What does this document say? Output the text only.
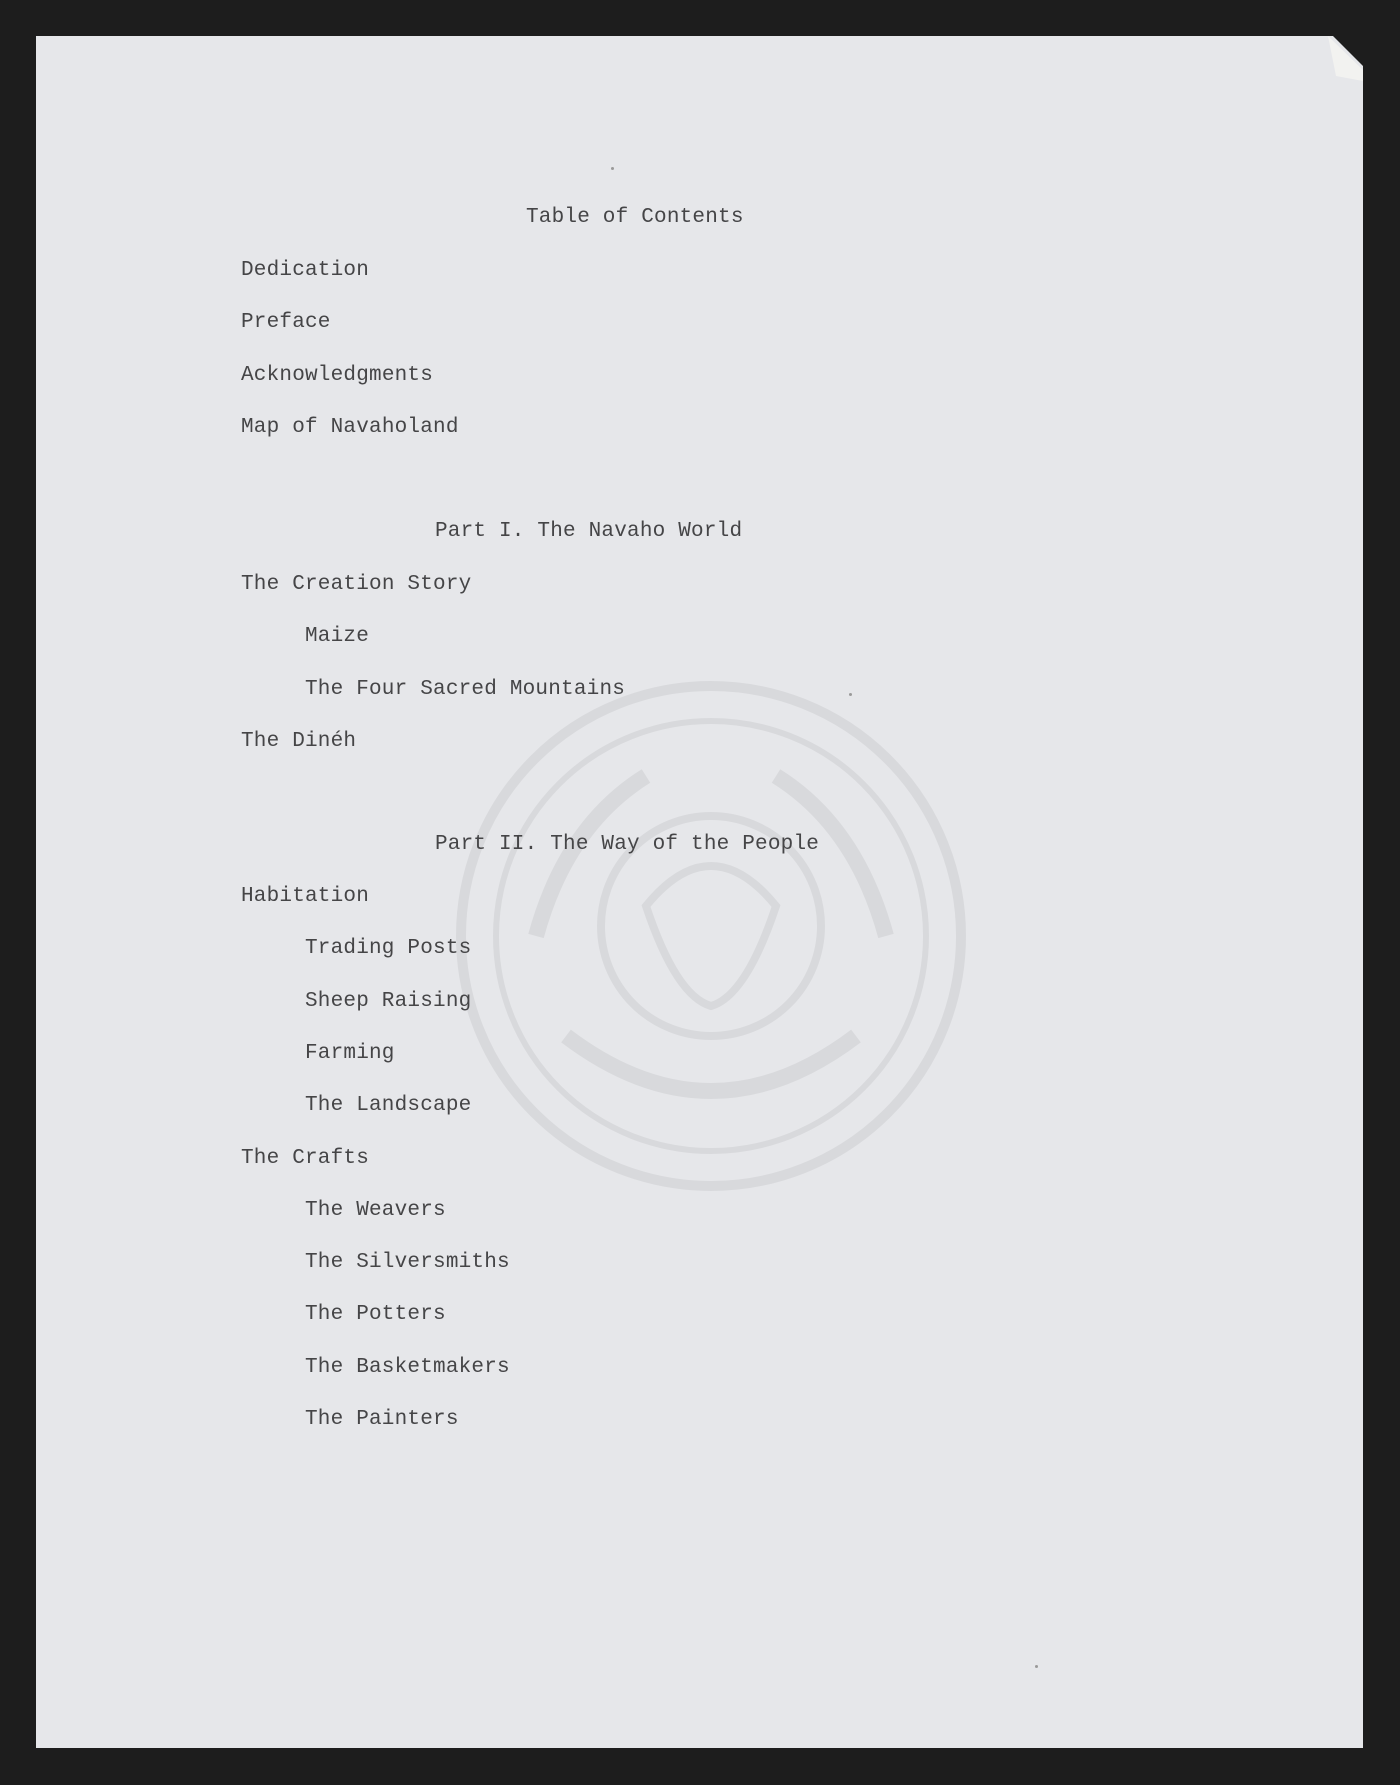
Table of Contents

Dedication

Preface

Acknowledgments

Map of Navaholand

Part I. The Navaho World

The Creation Story

Maize

The Four Sacred Mountains

The Dinéh

Part II. The Way of the People

Habitation

Trading Posts

Sheep Raising

Farming

The Landscape

The Crafts

The Weavers

The Silversmiths

The Potters

The Basketmakers

The Painters
